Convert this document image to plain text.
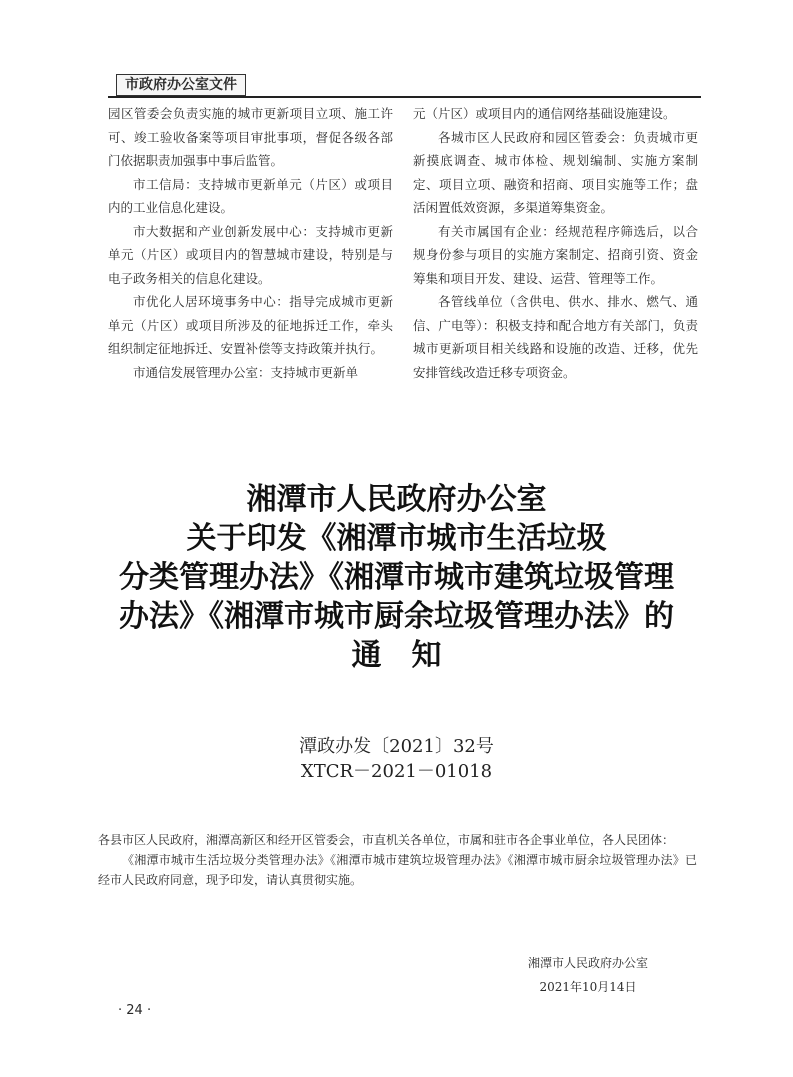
市政府办公室文件

园区管委会负责实施的城市更新项目立项、施工许可、竣工验收备案等项目审批事项，督促各级各部门依据职责加强事中事后监管。

市工信局：支持城市更新单元（片区）或项目内的工业信息化建设。

市大数据和产业创新发展中心：支持城市更新单元（片区）或项目内的智慧城市建设，特别是与电子政务相关的信息化建设。

市优化人居环境事务中心：指导完成城市更新单元（片区）或项目所涉及的征地拆迁工作，牵头组织制定征地拆迁、安置补偿等支持政策并执行。

市通信发展管理办公室：支持城市更新单

元（片区）或项目内的通信网络基础设施建设。

各城市区人民政府和园区管委会：负责城市更新摸底调查、城市体检、规划编制、实施方案制定、项目立项、融资和招商、项目实施等工作；盘活闲置低效资源，多渠道筹集资金。

有关市属国有企业：经规范程序筛选后，以合规身份参与项目的实施方案制定、招商引资、资金筹集和项目开发、建设、运营、管理等工作。

各管线单位（含供电、供水、排水、燃气、通信、广电等）：积极支持和配合地方有关部门，负责城市更新项目相关线路和设施的改造、迁移，优先安排管线改造迁移专项资金。

湘潭市人民政府办公室
关于印发《湘潭市城市生活垃圾
分类管理办法》《湘潭市城市建筑垃圾管理
办法》《湘潭市城市厨余垃圾管理办法》的
通　知
潭政办发〔2021〕32号
XTCR－2021－01018

各县市区人民政府，湘潭高新区和经开区管委会，市直机关各单位，市属和驻市各企事业单位，各人民团体：

《湘潭市城市生活垃圾分类管理办法》《湘潭市城市建筑垃圾管理办法》《湘潭市城市厨余垃圾管理办法》已经市人民政府同意，现予印发，请认真贯彻实施。

湘潭市人民政府办公室
2021年10月14日
· 24 ·
